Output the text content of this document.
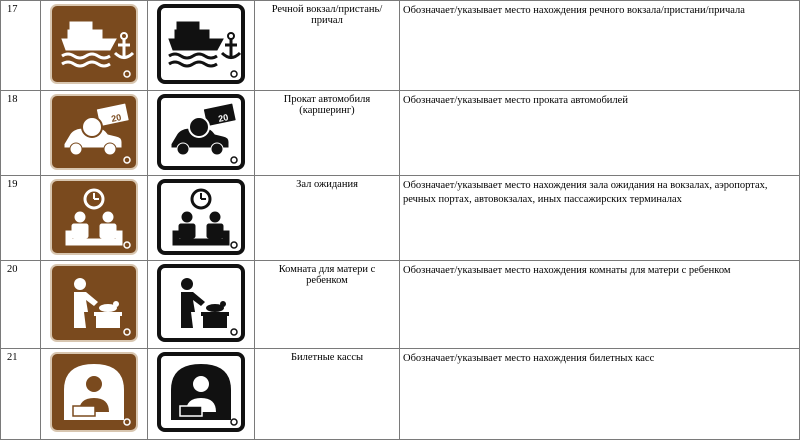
17			Речной вокзал/пристань/причал	Обозначает/указывает место нахождения речного вокзала/пристани/причала
18	20	20	Прокат автомобиля (каршеринг)	Обозначает/указывает место проката автомобилей
19			Зал ожидания	Обозначает/указывает место нахождения зала ожидания на вокзалах, аэропортах, речных портах, автовокзалах, иных пассажирских терминалах
20			Комната для матери с ребенком	Обозначает/указывает место нахождения комнаты для матери с ребенком
21			Билетные кассы	Обозначает/указывает место нахождения билетных касс
